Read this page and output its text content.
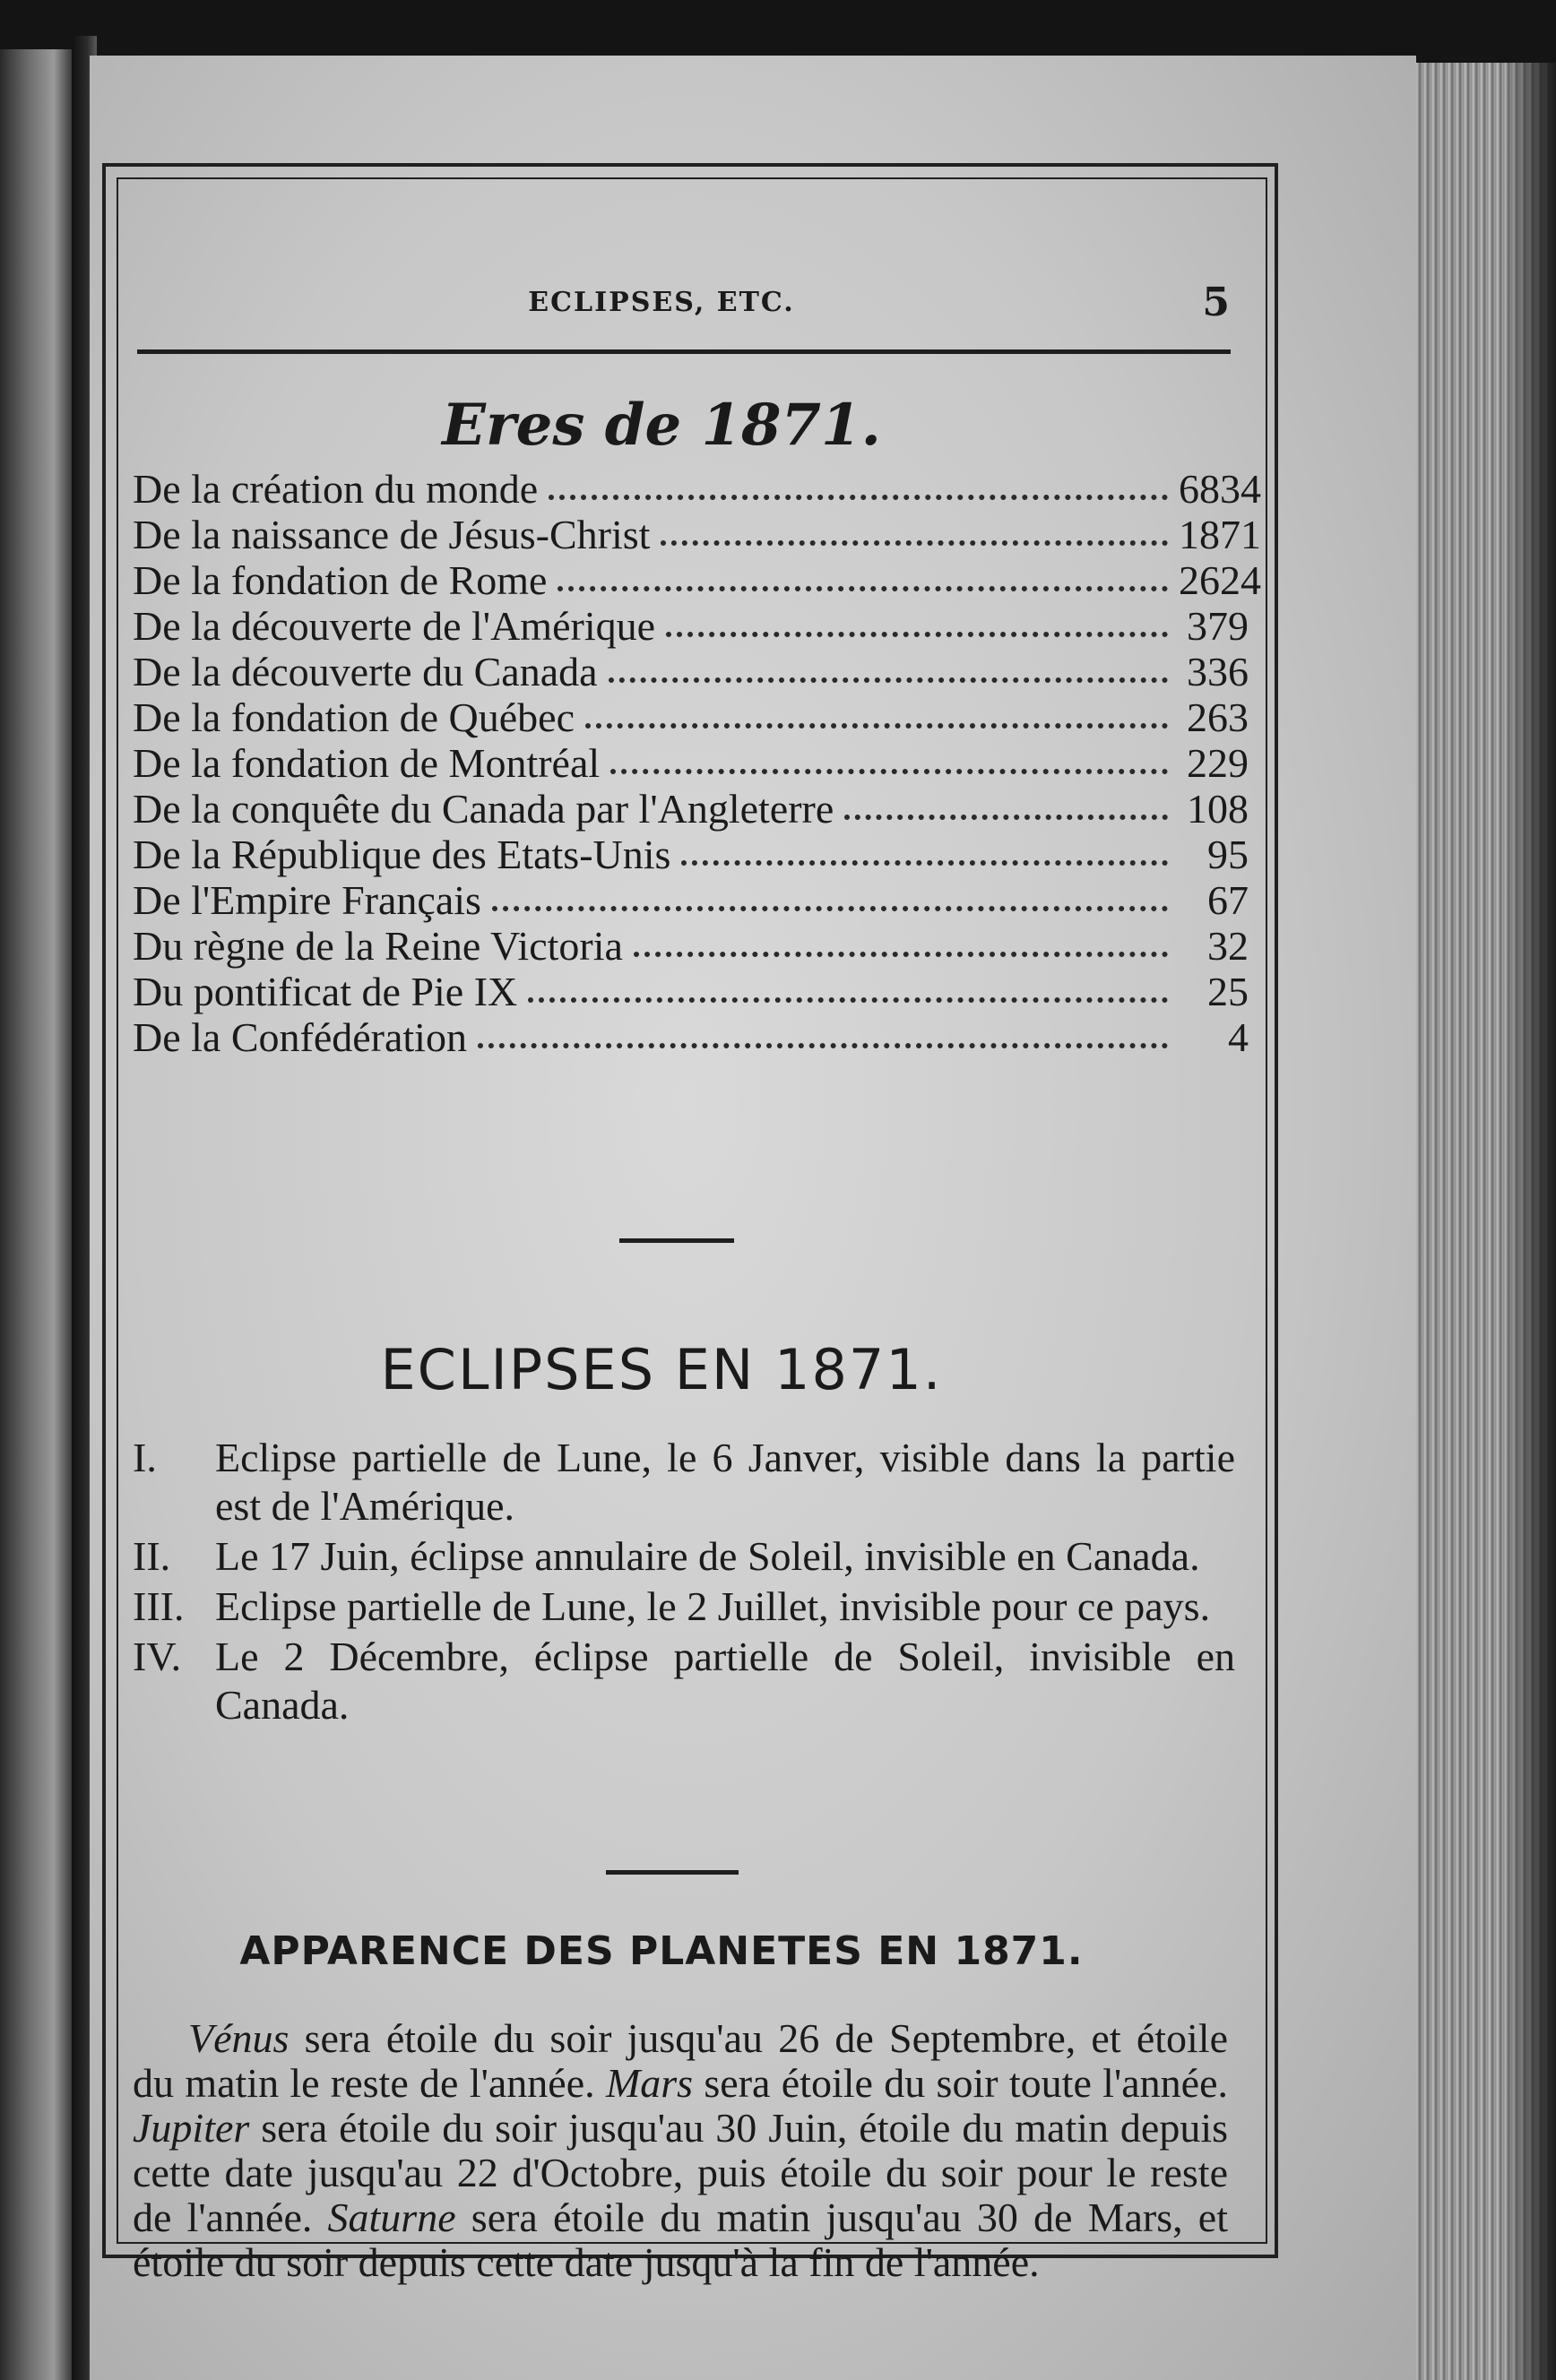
ECLIPSES, ETC.	5
Eres de 1871.
De la création du monde	6834
De la naissance de Jésus-Christ	1871
De la fondation de Rome	2624
De la découverte de l'Amérique	379
De la découverte du Canada	336
De la fondation de Québec	263
De la fondation de Montréal	229
De la conquête du Canada par l'Angleterre	108
De la République des Etats-Unis	95
De l'Empire Français	67
Du règne de la Reine Victoria	32
Du pontificat de Pie IX	25
De la Confédération	4
ECLIPSES EN 1871.
I.	Eclipse partielle de Lune, le 6 Janver, visible dans la partie est de l'Amérique.
II.	Le 17 Juin, éclipse annulaire de Soleil, invisible en Canada.
III. Eclipse partielle de Lune, le 2 Juillet, invisible pour ce pays.
IV. Le 2 Décembre, éclipse partielle de Soleil, invisible en Canada.
APPARENCE DES PLANETES EN 1871.
Vénus sera étoile du soir jusqu'au 26 de Septembre, et étoile du matin le reste de l'année. Mars sera étoile du soir toute l'année. Jupiter sera étoile du soir jusqu'au 30 Juin, étoile du matin depuis cette date jusqu'au 22 d'Octobre, puis étoile du soir pour le reste de l'année. Saturne sera étoile du matin jusqu'au 30 de Mars, et étoile du soir depuis cette date jusqu'à la fin de l'année.
